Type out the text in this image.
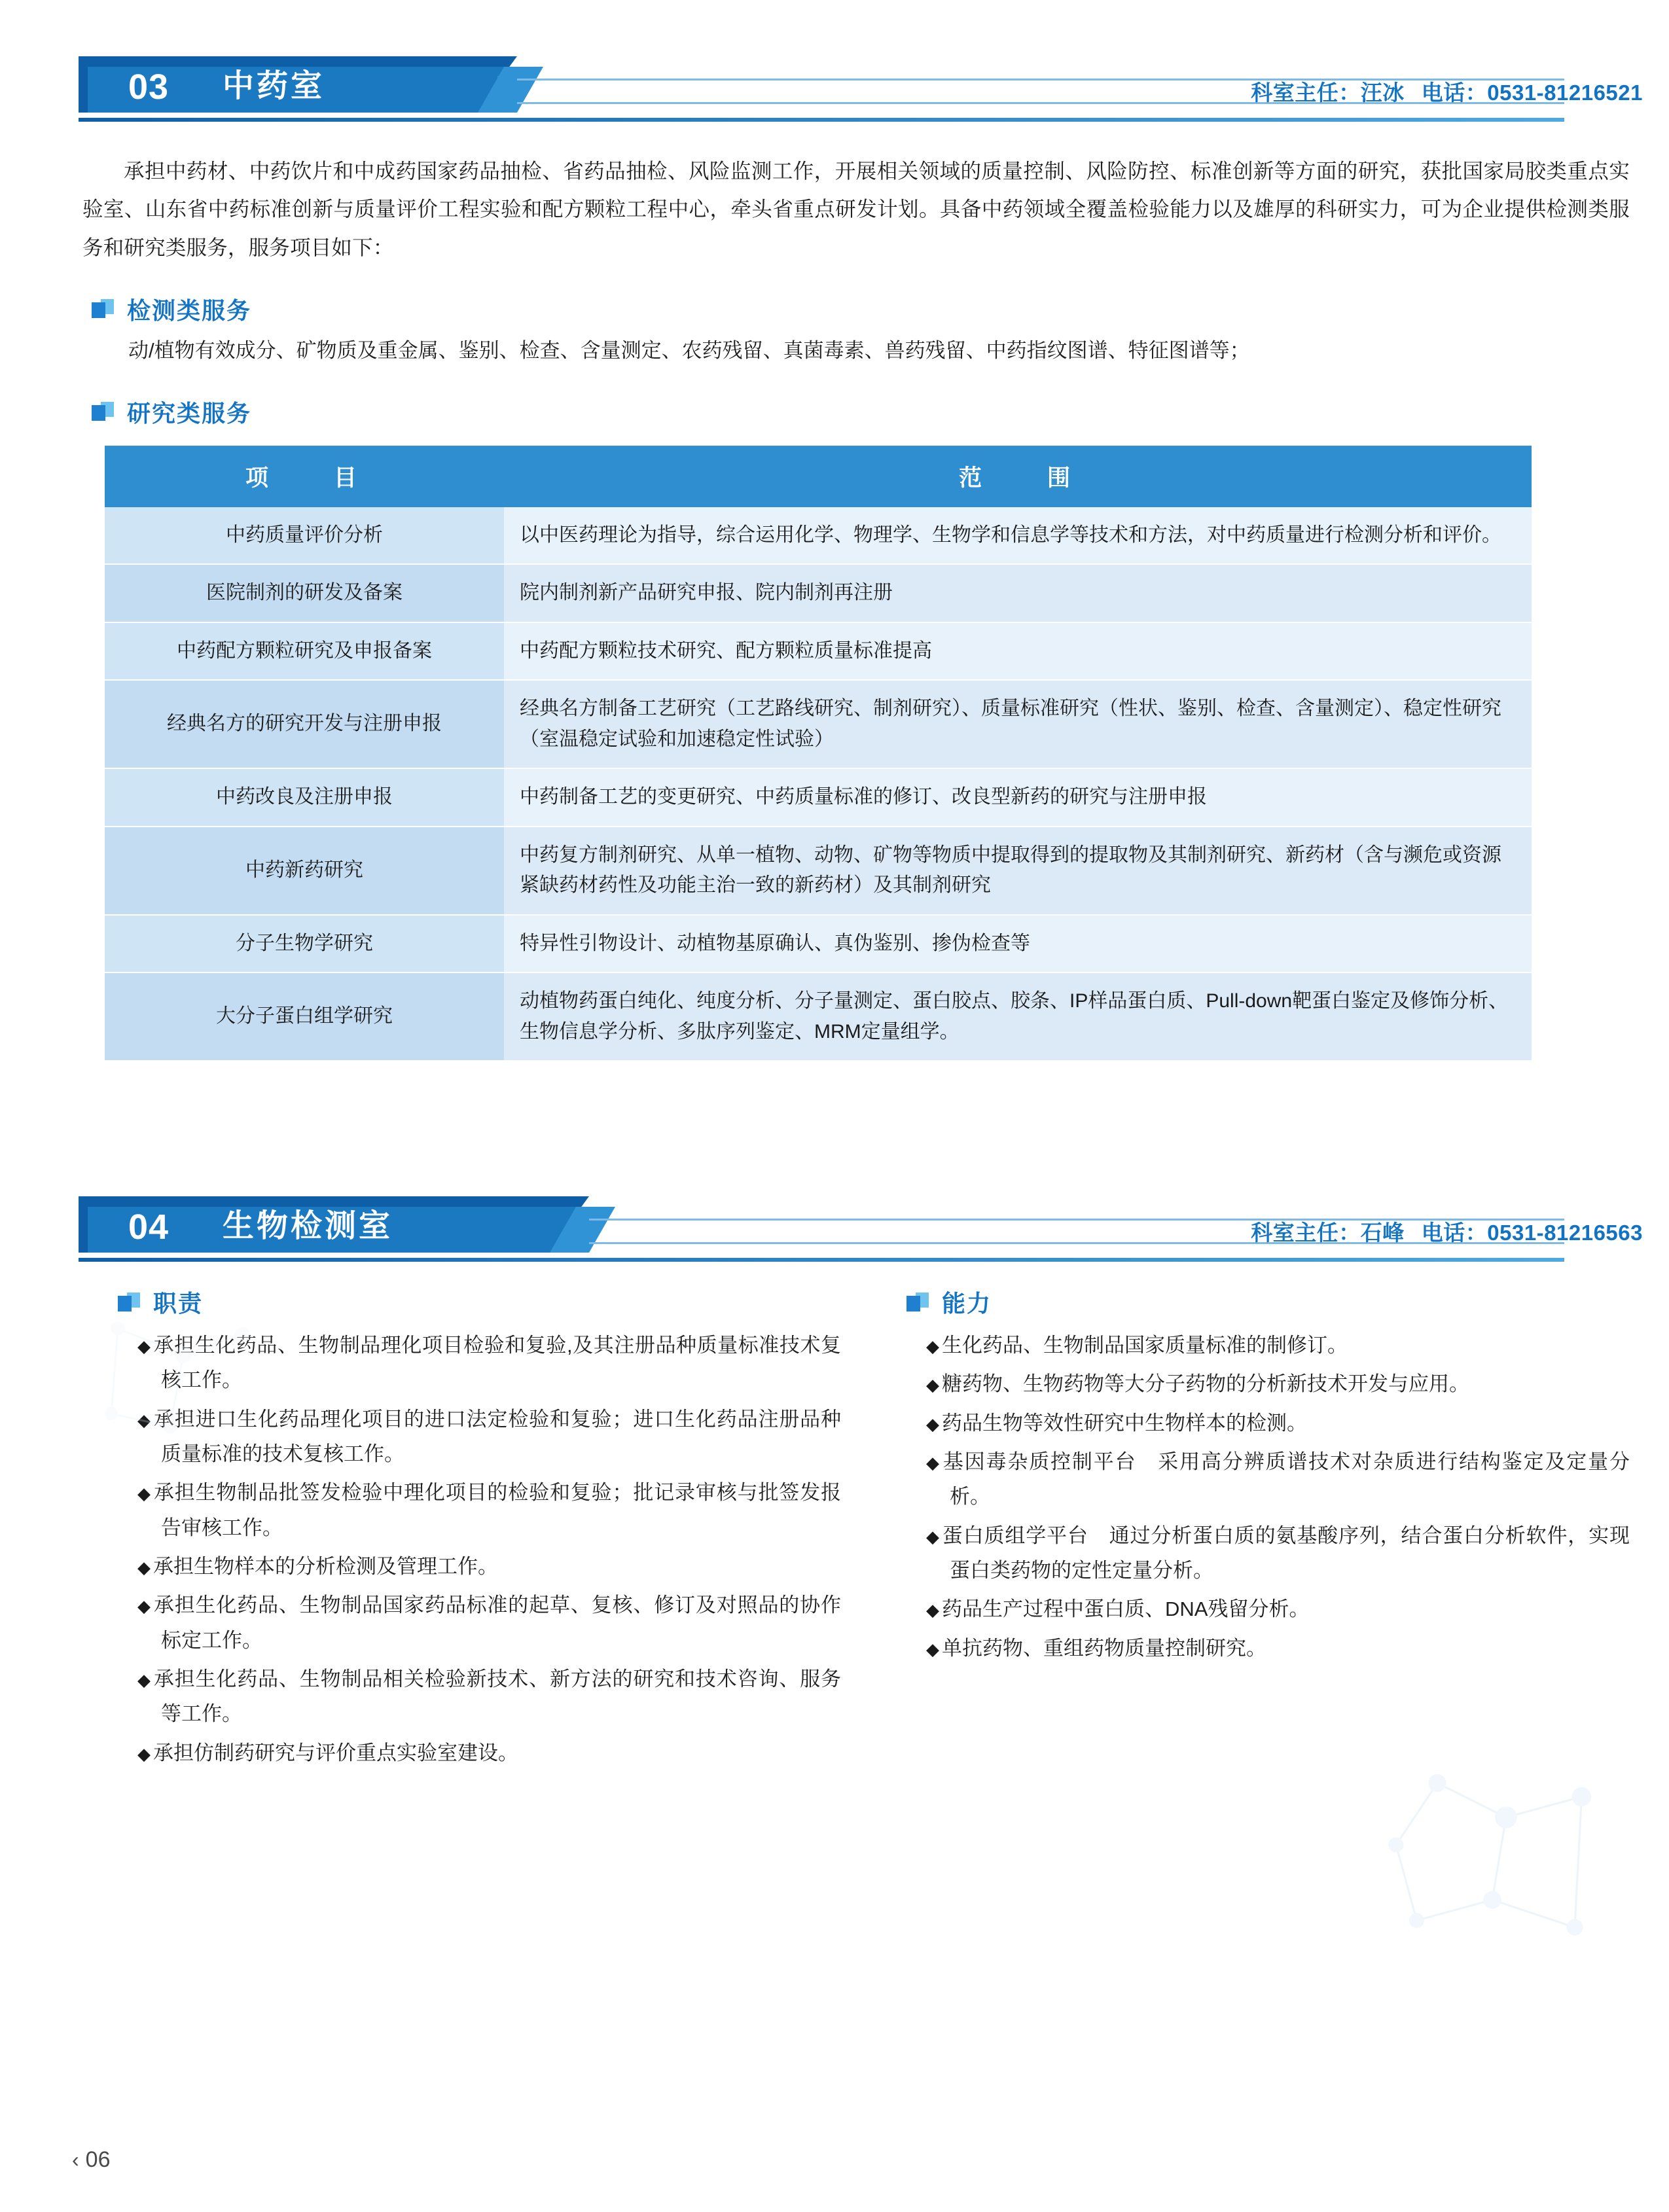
03 中药室	科室主任：汪冰 电话：0531-81216521

承担中药材、中药饮片和中成药国家药品抽检、省药品抽检、风险监测工作，开展相关领域的质量控制、风险防控、标准创新等方面的研究，获批国家局胶类重点实验室、山东省中药标准创新与质量评价工程实验和配方颗粒工程中心，牵头省重点研发计划。具备中药领域全覆盖检验能力以及雄厚的科研实力，可为企业提供检测类服务和研究类服务，服务项目如下：

检测类服务

动/植物有效成分、矿物质及重金属、鉴别、检查、含量测定、农药残留、真菌毒素、兽药残留、中药指纹图谱、特征图谱等；

研究类服务
项　　目	范　　围
中药质量评价分析	以中医药理论为指导，综合运用化学、物理学、生物学和信息学等技术和方法，对中药质量进行检测分析和评价。
医院制剂的研发及备案	院内制剂新产品研究申报、院内制剂再注册
中药配方颗粒研究及申报备案	中药配方颗粒技术研究、配方颗粒质量标准提高
经典名方的研究开发与注册申报	经典名方制备工艺研究（工艺路线研究、制剂研究）、质量标准研究（性状、鉴别、检查、含量测定）、稳定性研究（室温稳定试验和加速稳定性试验）
中药改良及注册申报	中药制备工艺的变更研究、中药质量标准的修订、改良型新药的研究与注册申报
中药新药研究	中药复方制剂研究、从单一植物、动物、矿物等物质中提取得到的提取物及其制剂研究、新药材（含与濒危或资源紧缺药材药性及功能主治一致的新药材）及其制剂研究
分子生物学研究	特异性引物设计、动植物基原确认、真伪鉴别、掺伪检查等
大分子蛋白组学研究	动植物药蛋白纯化、纯度分析、分子量测定、蛋白胶点、胶条、IP样品蛋白质、Pull-down靶蛋白鉴定及修饰分析、生物信息学分析、多肽序列鉴定、MRM定量组学。
04 生物检测室	科室主任：石峰 电话：0531-81216563
职责
◆ 承担生化药品、生物制品理化项目检验和复验,及其注册品种质量标准技术复核工作。
◆ 承担进口生化药品理化项目的进口法定检验和复验；进口生化药品注册品种质量标准的技术复核工作。
◆ 承担生物制品批签发检验中理化项目的检验和复验；批记录审核与批签发报告审核工作。
◆ 承担生物样本的分析检测及管理工作。
◆ 承担生化药品、生物制品国家药品标准的起草、复核、修订及对照品的协作标定工作。
◆ 承担生化药品、生物制品相关检验新技术、新方法的研究和技术咨询、服务等工作。
◆ 承担仿制药研究与评价重点实验室建设。
能力
◆ 生化药品、生物制品国家质量标准的制修订。
◆ 糖药物、生物药物等大分子药物的分析新技术开发与应用。
◆ 药品生物等效性研究中生物样本的检测。
◆ 基因毒杂质控制平台　采用高分辨质谱技术对杂质进行结构鉴定及定量分析。
◆ 蛋白质组学平台　通过分析蛋白质的氨基酸序列，结合蛋白分析软件，实现蛋白类药物的定性定量分析。
◆ 药品生产过程中蛋白质、DNA残留分析。
◆ 单抗药物、重组药物质量控制研究。
‹ 06
